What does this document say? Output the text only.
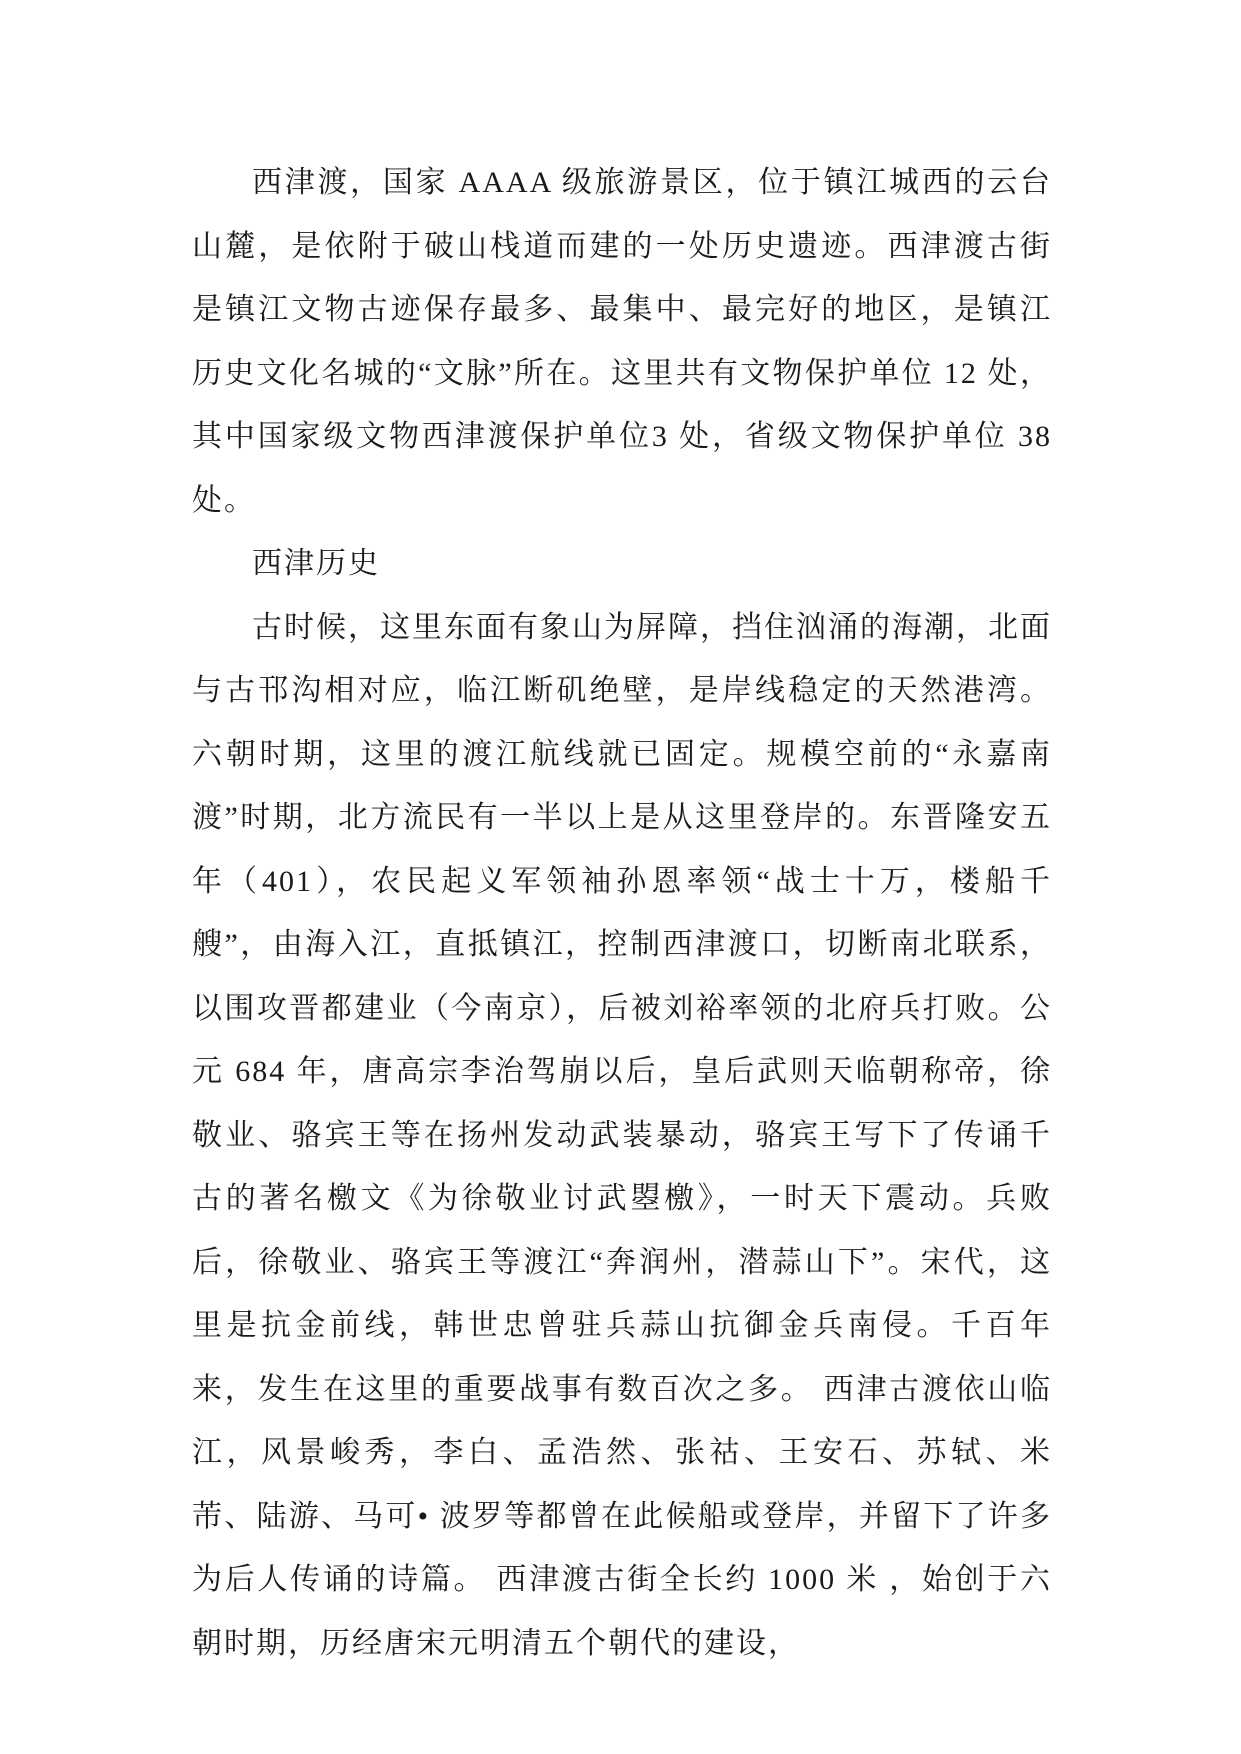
西津渡，国家 AAAA 级旅游景区，位于镇江城西的云台山麓，是依附于破山栈道而建的一处历史遗迹。西津渡古街是镇江文物古迹保存最多、最集中、最完好的地区，是镇江历史文化名城的“文脉”所在。这里共有文物保护单位 12 处，其中国家级文物西津渡保护单位3 处，省级文物保护单位 38 处。

西津历史

古时候，这里东面有象山为屏障，挡住汹涌的海潮，北面与古邗沟相对应，临江断矶绝壁，是岸线稳定的天然港湾。六朝时期，这里的渡江航线就已固定。规模空前的“永嘉南渡”时期，北方流民有一半以上是从这里登岸的。东晋隆安五年（401），农民起义军领袖孙恩率领“战士十万，楼船千艘”，由海入江，直抵镇江，控制西津渡口，切断南北联系，以围攻晋都建业（今南京），后被刘裕率领的北府兵打败。公元 684 年，唐高宗李治驾崩以后，皇后武则天临朝称帝，徐敬业、骆宾王等在扬州发动武装暴动，骆宾王写下了传诵千古的著名檄文《为徐敬业讨武曌檄》，一时天下震动。兵败后，徐敬业、骆宾王等渡江“奔润州，潜蒜山下”。宋代，这里是抗金前线，韩世忠曾驻兵蒜山抗御金兵南侵。千百年来，发生在这里的重要战事有数百次之多。 西津古渡依山临江，风景峻秀，李白、孟浩然、张祜、王安石、苏轼、米芾、陆游、马可• 波罗等都曾在此候船或登岸，并留下了许多为后人传诵的诗篇。 西津渡古街全长约 1000 米 ，始创于六朝时期，历经唐宋元明清五个朝代的建设，
